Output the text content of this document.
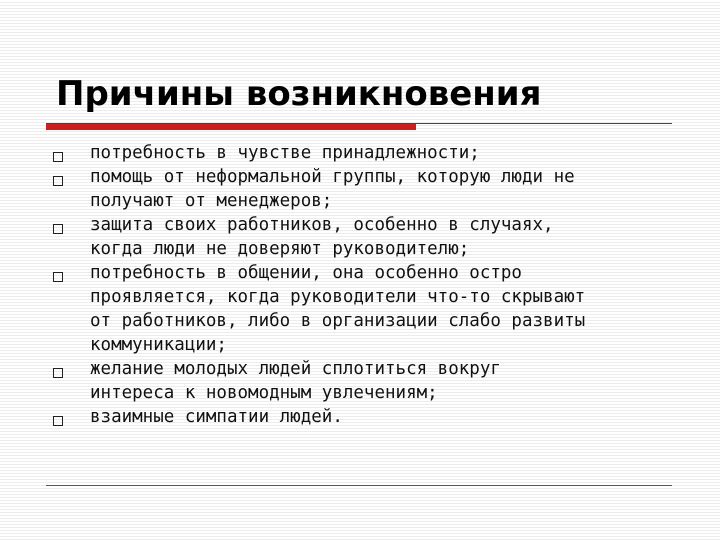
Причины возникновения
потребность в чувстве принадлежности;
помощь от неформальной группы, которую люди не
получают от менеджеров;
защита своих работников, особенно в случаях,
когда люди не доверяют руководителю;
потребность в общении, она особенно остро
проявляется, когда руководители что-то скрывают
от работников, либо в организации слабо развиты
коммуникации;
желание молодых людей сплотиться вокруг
интереса к новомодным увлечениям;
взаимные симпатии людей.
